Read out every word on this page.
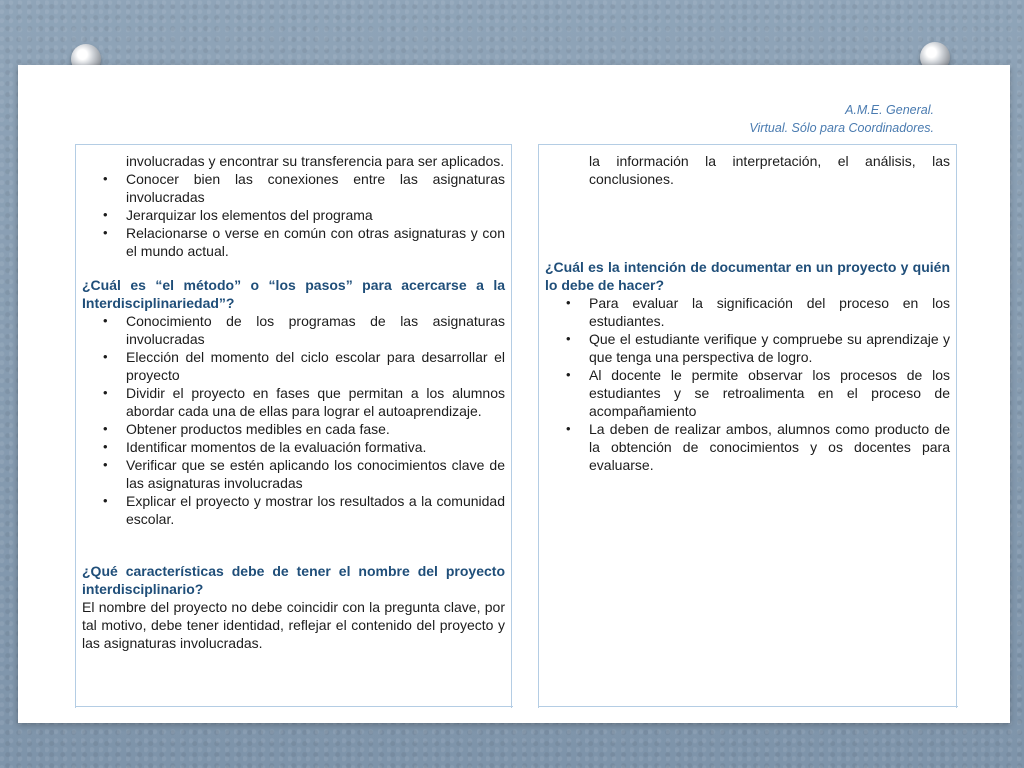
A.M.E. General.
Virtual. Sólo para Coordinadores.

involucradas y encontrar su transferencia para ser aplicados.

• Conocer bien las conexiones entre las asignaturas involucradas
• Jerarquizar los elementos del programa
• Relacionarse o verse en común con otras asignaturas y con el mundo actual.

¿Cuál es “el método” o “los pasos” para acercarse a la Interdisciplinariedad”?

• Conocimiento de los programas de las asignaturas involucradas
• Elección del momento del ciclo escolar para desarrollar el proyecto
• Dividir el proyecto en fases que permitan a los alumnos abordar cada una de ellas para lograr el autoaprendizaje.
• Obtener productos medibles en cada fase.
• Identificar momentos de la evaluación formativa.
• Verificar que se estén aplicando los conocimientos clave de las asignaturas involucradas
• Explicar el proyecto y mostrar los resultados a la comunidad escolar.

¿Qué características debe de tener el nombre del proyecto interdisciplinario?

El nombre del proyecto no debe coincidir con la pregunta clave, por tal motivo, debe tener identidad, reflejar el contenido del proyecto y las asignaturas involucradas.

la información la interpretación, el análisis, las conclusiones.

¿Cuál es la intención de documentar en un proyecto y quién lo debe de hacer?

• Para evaluar la significación del proceso en los estudiantes.
• Que el estudiante verifique y compruebe su aprendizaje y que tenga una perspectiva de logro.
• Al docente le permite observar los procesos de los estudiantes y se retroalimenta en el proceso de acompañamiento
• La deben de realizar ambos, alumnos como producto de la obtención de conocimientos y os docentes para evaluarse.
